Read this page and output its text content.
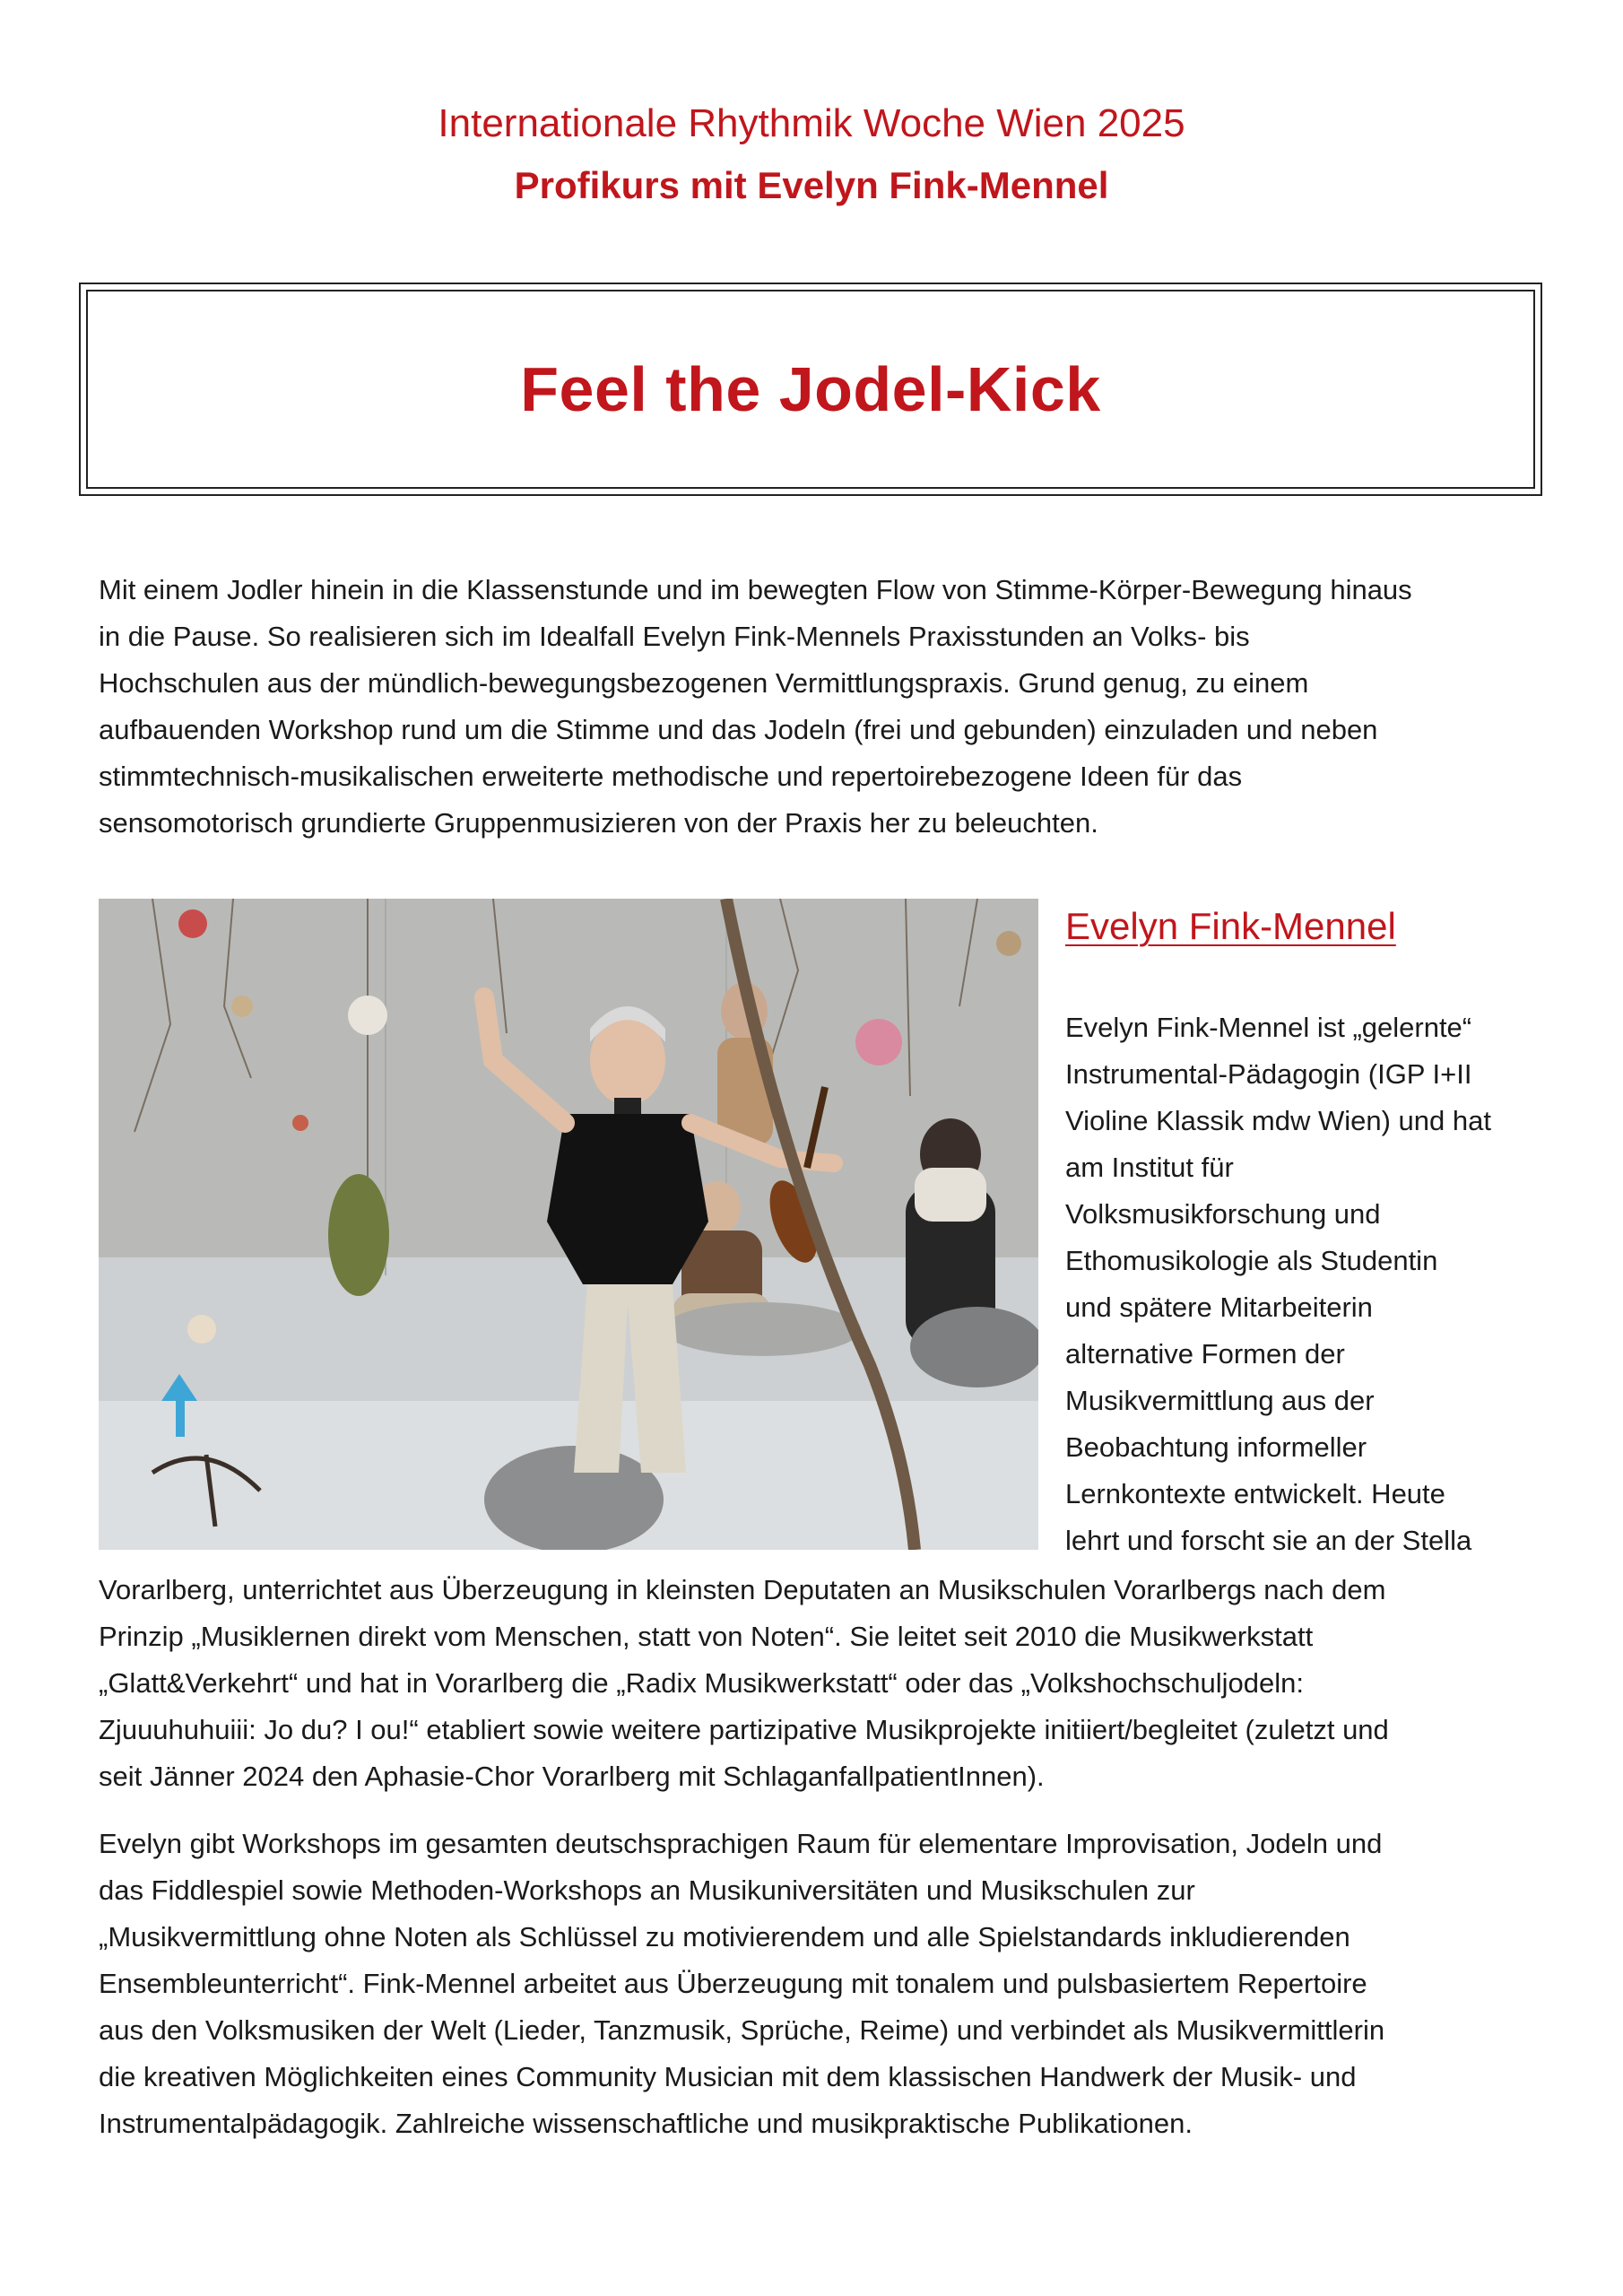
Internationale Rhythmik Woche Wien 2025
Profikurs mit Evelyn Fink-Mennel
Feel the Jodel-Kick
Mit einem Jodler hinein in die Klassenstunde und im bewegten Flow von Stimme-Körper-Bewegung hinaus
in die Pause. So realisieren sich im Idealfall Evelyn Fink-Mennels Praxisstunden an Volks- bis
Hochschulen aus der mündlich-bewegungsbezogenen Vermittlungspraxis. Grund genug, zu einem
aufbauenden Workshop rund um die Stimme und das Jodeln (frei und gebunden) einzuladen und neben
stimmtechnisch-musikalischen erweiterte methodische und repertoirebezogene Ideen für das
sensomotorisch grundierte Gruppenmusizieren von der Praxis her zu beleuchten.
Evelyn Fink-Mennel
Evelyn Fink-Mennel ist „gelernte“
Instrumental-Pädagogin (IGP I+II
Violine Klassik mdw Wien) und hat
am Institut für
Volksmusikforschung und
Ethomusikologie als Studentin
und spätere Mitarbeiterin
alternative Formen der
Musikvermittlung aus der
Beobachtung informeller
Lernkontexte entwickelt. Heute
lehrt und forscht sie an der Stella
Vorarlberg, unterrichtet aus Überzeugung in kleinsten Deputaten an Musikschulen Vorarlbergs nach dem
Prinzip „Musiklernen direkt vom Menschen, statt von Noten“. Sie leitet seit 2010 die Musikwerkstatt
„Glatt&Verkehrt“ und hat in Vorarlberg die „Radix Musikwerkstatt“ oder das „Volkshochschuljodeln:
Zjuuuhuhuiii: Jo du? I ou!“ etabliert sowie weitere partizipative Musikprojekte initiiert/begleitet (zuletzt und
seit Jänner 2024 den Aphasie-Chor Vorarlberg mit SchlaganfallpatientInnen).
Evelyn gibt Workshops im gesamten deutschsprachigen Raum für elementare Improvisation, Jodeln und
das Fiddlespiel sowie Methoden-Workshops an Musikuniversitäten und Musikschulen zur
„Musikvermittlung ohne Noten als Schlüssel zu motivierendem und alle Spielstandards inkludierenden
Ensembleunterricht“. Fink-Mennel arbeitet aus Überzeugung mit tonalem und pulsbasiertem Repertoire
aus den Volksmusiken der Welt (Lieder, Tanzmusik, Sprüche, Reime) und verbindet als Musikvermittlerin
die kreativen Möglichkeiten eines Community Musician mit dem klassischen Handwerk der Musik- und
Instrumentalpädagogik. Zahlreiche wissenschaftliche und musikpraktische Publikationen.
